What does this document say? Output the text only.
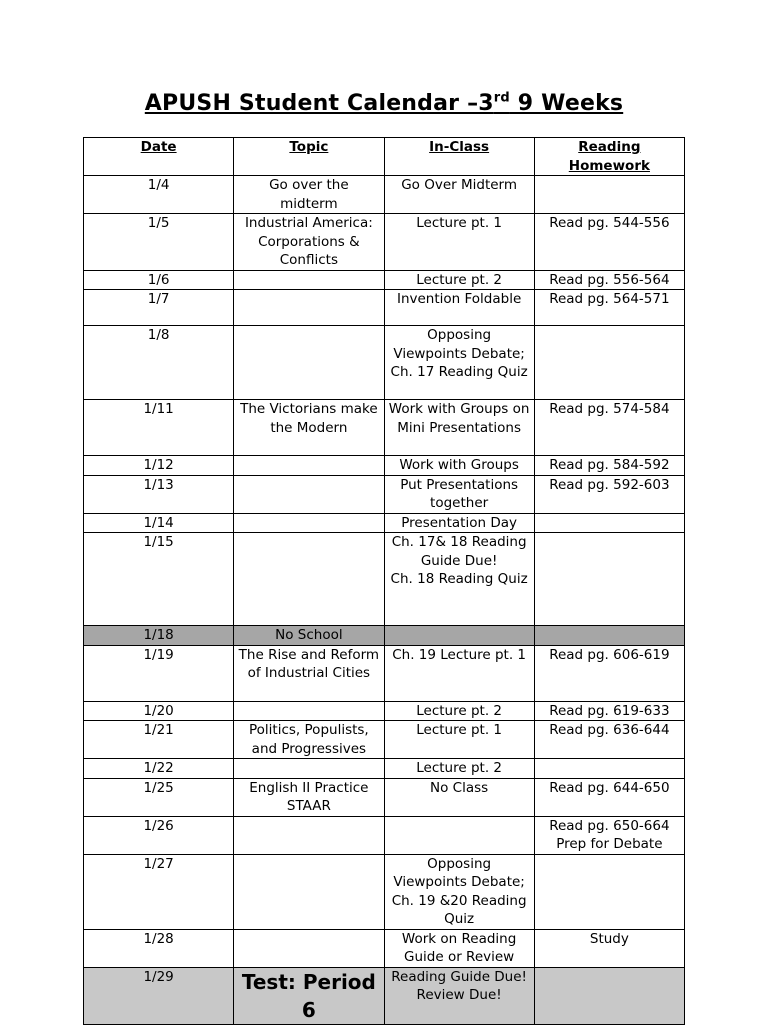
APUSH Student Calendar –3rd 9 Weeks
Date	Topic	In-Class	Reading Homework
1/4	Go over the midterm	Go Over Midterm	
1/5	Industrial America: Corporations & Conflicts	Lecture pt. 1	Read pg. 544-556
1/6		Lecture pt. 2	Read pg. 556-564
1/7		Invention Foldable	Read pg. 564-571
1/8		Opposing Viewpoints Debate; Ch. 17 Reading Quiz	
1/11	The Victorians make the Modern	Work with Groups on Mini Presentations	Read pg. 574-584
1/12		Work with Groups	Read pg. 584-592
1/13		Put Presentations together	Read pg. 592-603
1/14		Presentation Day	
1/15		Ch. 17& 18 Reading Guide Due!
Ch. 18 Reading Quiz	

1/18	No School		
1/19	The Rise and Reform of Industrial Cities	Ch. 19 Lecture pt. 1	Read pg. 606-619
1/20		Lecture pt. 2	Read pg. 619-633
1/21	Politics, Populists, and Progressives	Lecture pt. 1	Read pg. 636-644
1/22		Lecture pt. 2	
1/25	English II Practice STAAR	No Class	Read pg. 644-650
1/26			Read pg. 650-664
Prep for Debate

1/27		Opposing Viewpoints Debate; Ch. 19 &20 Reading Quiz	
1/28		Work on Reading Guide or Review	Study
1/29	Test: Period 6	Reading Guide Due!
Review Due!	
